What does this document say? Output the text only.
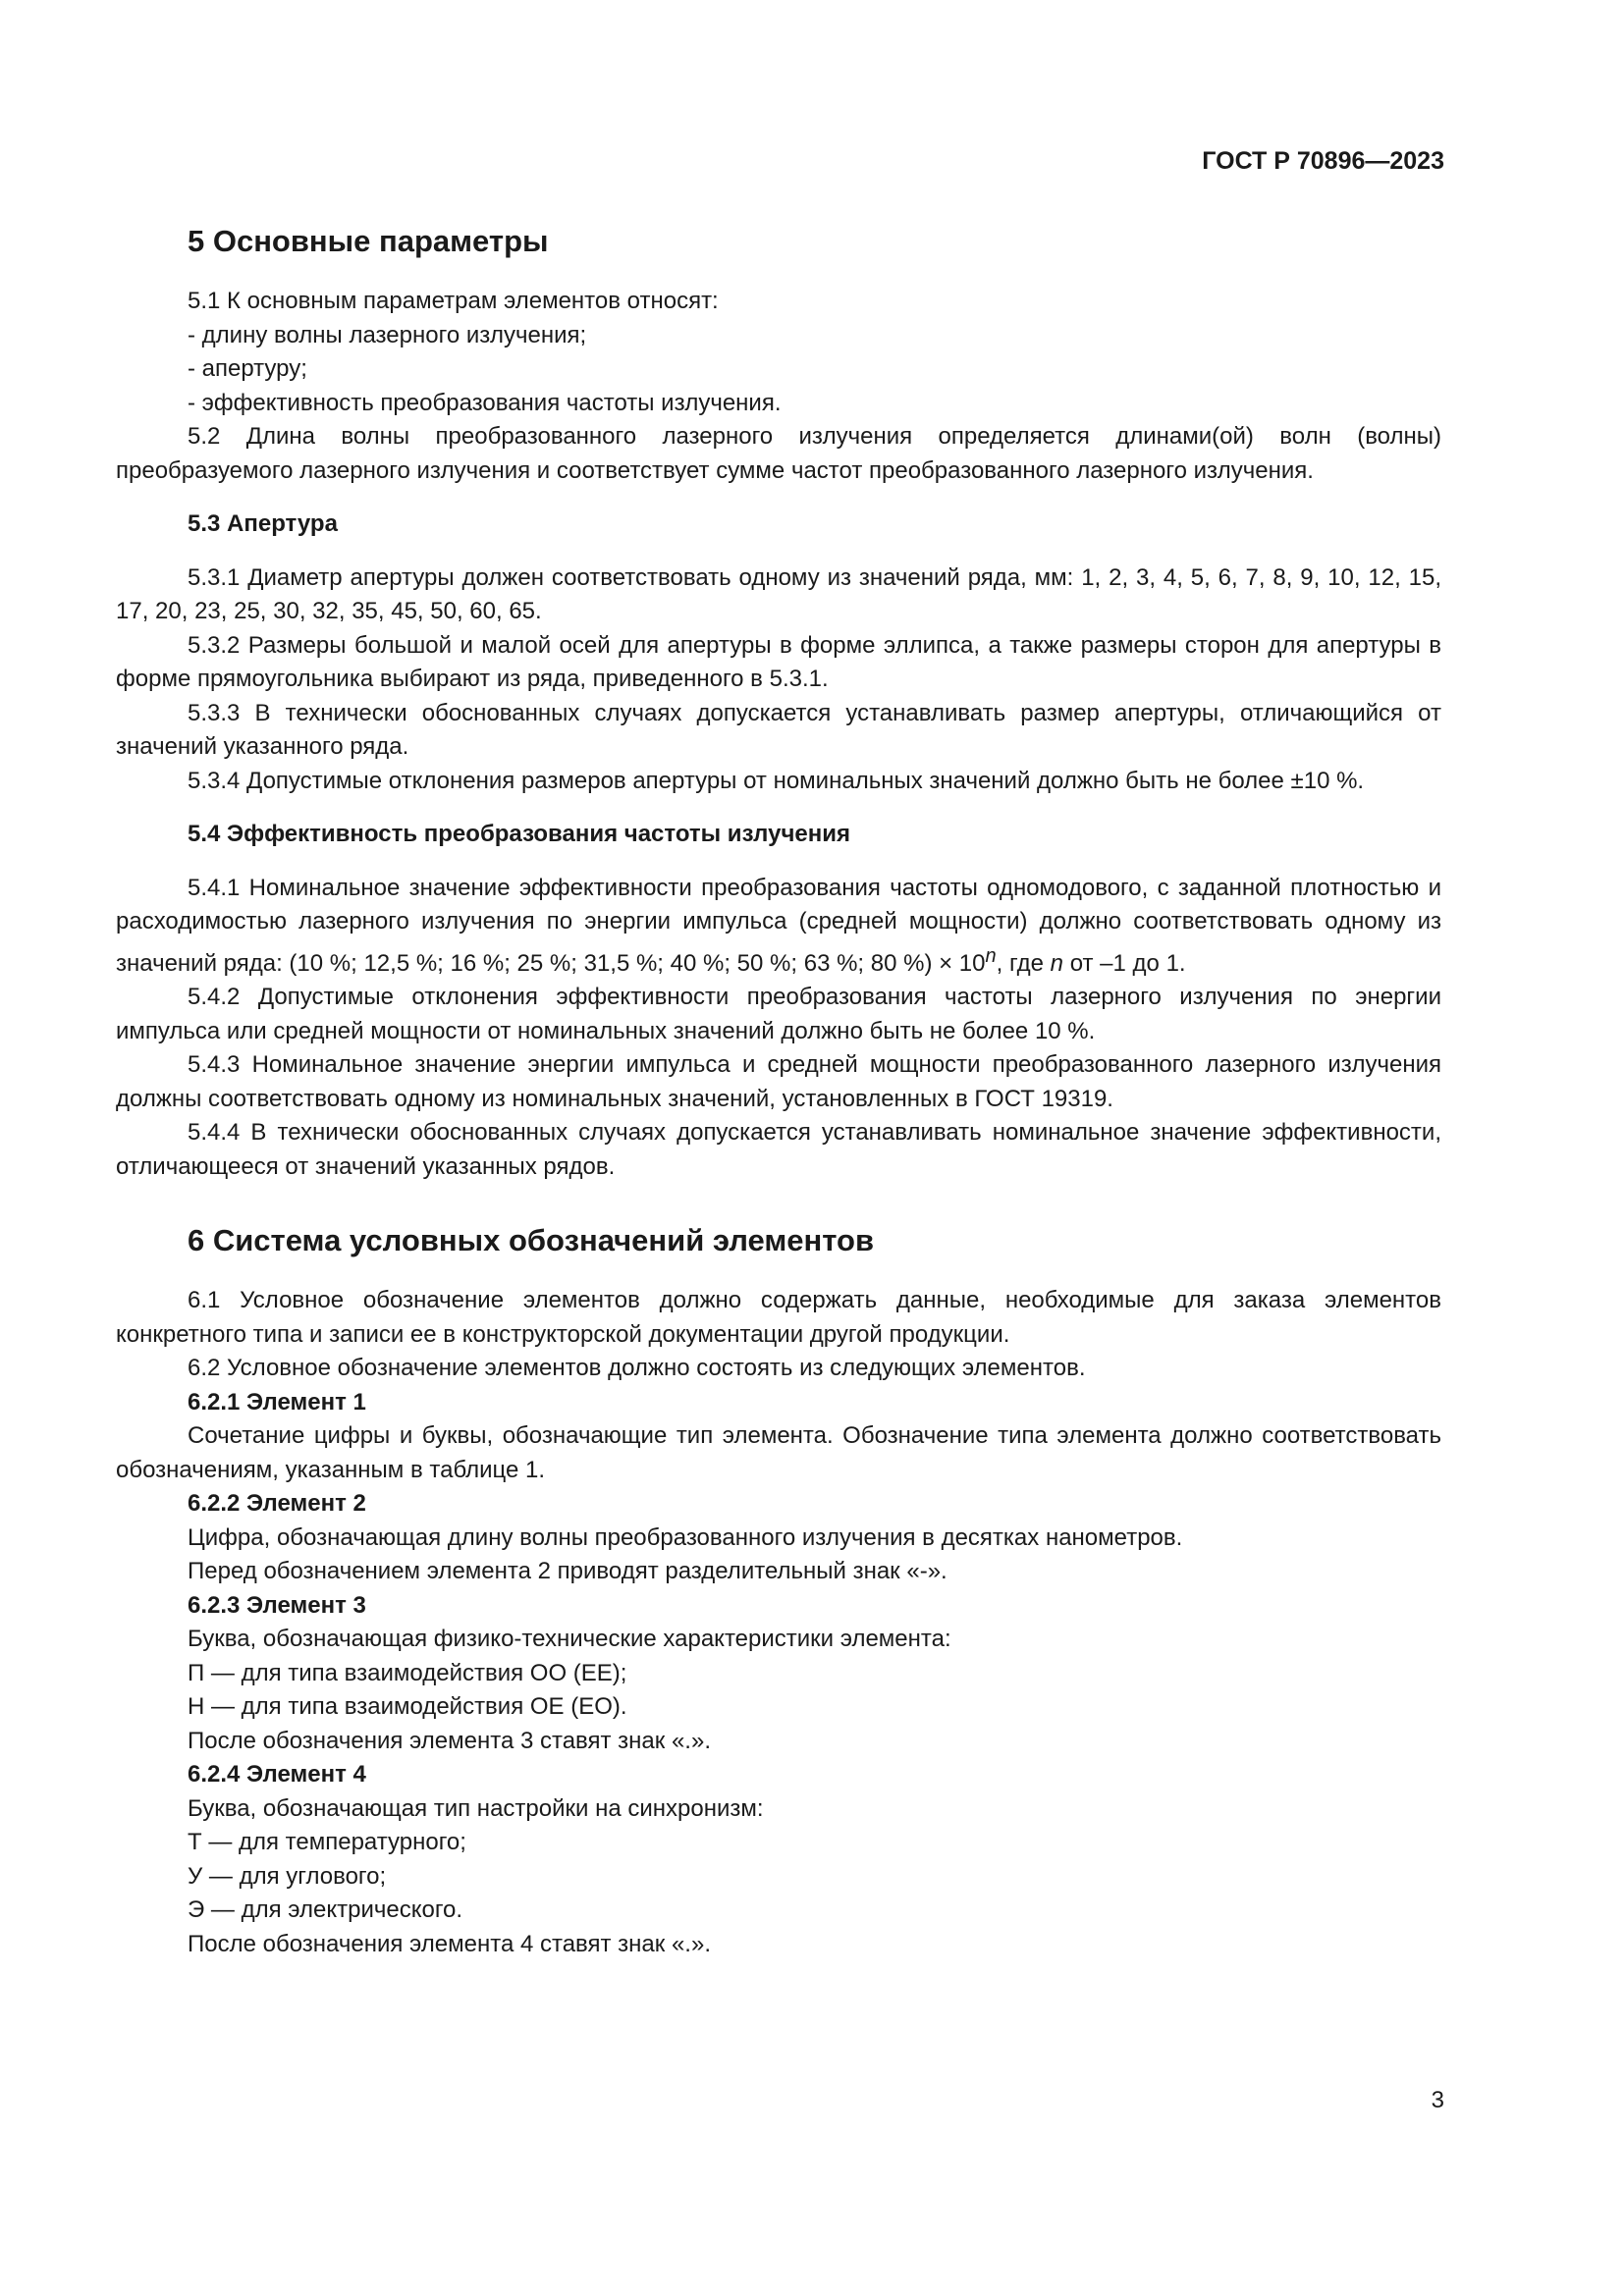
ГОСТ Р 70896—2023

5 Основные параметры

5.1 К основным параметрам элементов относят:

- длину волны лазерного излучения;

- апертуру;

- эффективность преобразования частоты излучения.

5.2 Длина волны преобразованного лазерного излучения определяется длинами(ой) волн (волны) преобразуемого лазерного излучения и соответствует сумме частот преобразованного лазерного излучения.

5.3 Апертура

5.3.1 Диаметр апертуры должен соответствовать одному из значений ряда, мм: 1, 2, 3, 4, 5, 6, 7, 8, 9, 10, 12, 15, 17, 20, 23, 25, 30, 32, 35, 45, 50, 60, 65.

5.3.2 Размеры большой и малой осей для апертуры в форме эллипса, а также размеры сторон для апертуры в форме прямоугольника выбирают из ряда, приведенного в 5.3.1.

5.3.3 В технически обоснованных случаях допускается устанавливать размер апертуры, отличающийся от значений указанного ряда.

5.3.4 Допустимые отклонения размеров апертуры от номинальных значений должно быть не более ±10 %.

5.4 Эффективность преобразования частоты излучения

5.4.1 Номинальное значение эффективности преобразования частоты одномодового, с заданной плотностью и расходимостью лазерного излучения по энергии импульса (средней мощности) должно соответствовать одному из значений ряда: (10 %; 12,5 %; 16 %; 25 %; 31,5 %; 40 %; 50 %; 63 %; 80 %) × $10^n$, где n от –1 до 1.

5.4.2 Допустимые отклонения эффективности преобразования частоты лазерного излучения по энергии импульса или средней мощности от номинальных значений должно быть не более 10 %.

5.4.3 Номинальное значение энергии импульса и средней мощности преобразованного лазерного излучения должны соответствовать одному из номинальных значений, установленных в ГОСТ 19319.

5.4.4 В технически обоснованных случаях допускается устанавливать номинальное значение эффективности, отличающееся от значений указанных рядов.

6 Система условных обозначений элементов

6.1 Условное обозначение элементов должно содержать данные, необходимые для заказа элементов конкретного типа и записи ее в конструкторской документации другой продукции.

6.2 Условное обозначение элементов должно состоять из следующих элементов.

6.2.1 Элемент 1

Сочетание цифры и буквы, обозначающие тип элемента. Обозначение типа элемента должно соответствовать обозначениям, указанным в таблице 1.

6.2.2 Элемент 2

Цифра, обозначающая длину волны преобразованного излучения в десятках нанометров.

Перед обозначением элемента 2 приводят разделительный знак «-».

6.2.3 Элемент 3

Буква, обозначающая физико-технические характеристики элемента:

П — для типа взаимодействия ОО (ЕЕ);

Н — для типа взаимодействия ОЕ (ЕО).

После обозначения элемента 3 ставят знак «.».

6.2.4 Элемент 4

Буква, обозначающая тип настройки на синхронизм:

Т — для температурного;

У — для углового;

Э — для электрического.

После обозначения элемента 4 ставят знак «.».

3
